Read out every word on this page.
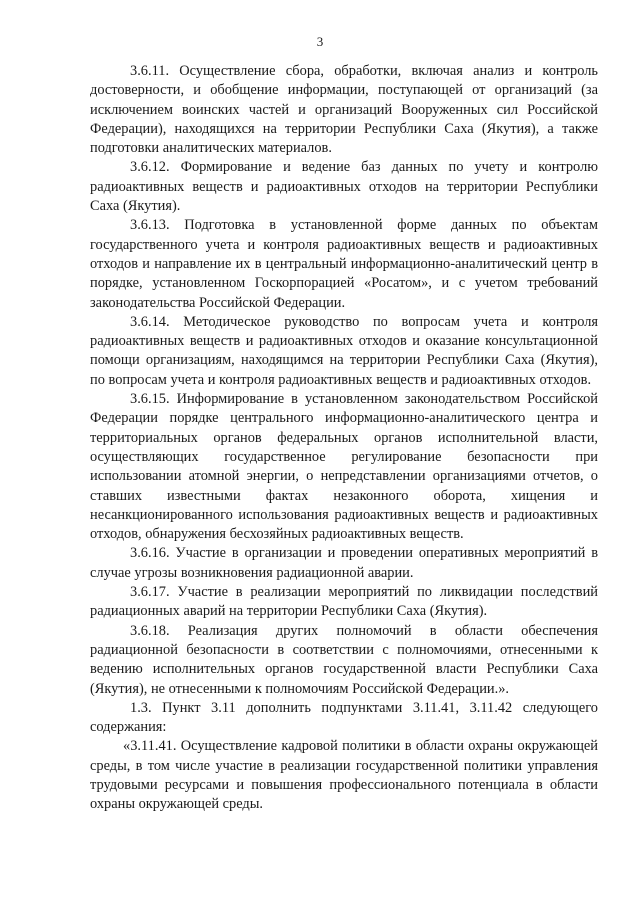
3

3.6.11. Осуществление сбора, обработки, включая анализ и контроль достоверности, и обобщение информации, поступающей от организаций (за исключением воинских частей и организаций Вооруженных сил Российской Федерации), находящихся на территории Республики Саха (Якутия), а также подготовки аналитических материалов.

3.6.12. Формирование и ведение баз данных по учету и контролю радиоактивных веществ и радиоактивных отходов на территории Республики Саха (Якутия).

3.6.13. Подготовка в установленной форме данных по объектам государственного учета и контроля радиоактивных веществ и радиоактивных отходов и направление их в центральный информационно-аналитический центр в порядке, установленном Госкорпорацией «Росатом», и с учетом требований законодательства Российской Федерации.

3.6.14. Методическое руководство по вопросам учета и контроля радиоактивных веществ и радиоактивных отходов и оказание консультационной помощи организациям, находящимся на территории Республики Саха (Якутия), по вопросам учета и контроля радиоактивных веществ и радиоактивных отходов.

3.6.15. Информирование в установленном законодательством Российской Федерации порядке центрального информационно-аналитического центра и территориальных органов федеральных органов исполнительной власти, осуществляющих государственное регулирование безопасности при использовании атомной энергии, о непредставлении организациями отчетов, о ставших известными фактах незаконного оборота, хищения и несанкционированного использования радиоактивных веществ и радиоактивных отходов, обнаружения бесхозяйных радиоактивных веществ.

3.6.16. Участие в организации и проведении оперативных мероприятий в случае угрозы возникновения радиационной аварии.

3.6.17. Участие в реализации мероприятий по ликвидации последствий радиационных аварий на территории Республики Саха (Якутия).

3.6.18. Реализация других полномочий в области обеспечения радиационной безопасности в соответствии с полномочиями, отнесенными к ведению исполнительных органов государственной власти Республики Саха (Якутия), не отнесенными к полномочиям Российской Федерации.».

1.3. Пункт 3.11 дополнить подпунктами 3.11.41, 3.11.42 следующего содержания:

«3.11.41. Осуществление кадровой политики в области охраны окружающей среды, в том числе участие в реализации государственной политики управления трудовыми ресурсами и повышения профессионального потенциала в области охраны окружающей среды.
